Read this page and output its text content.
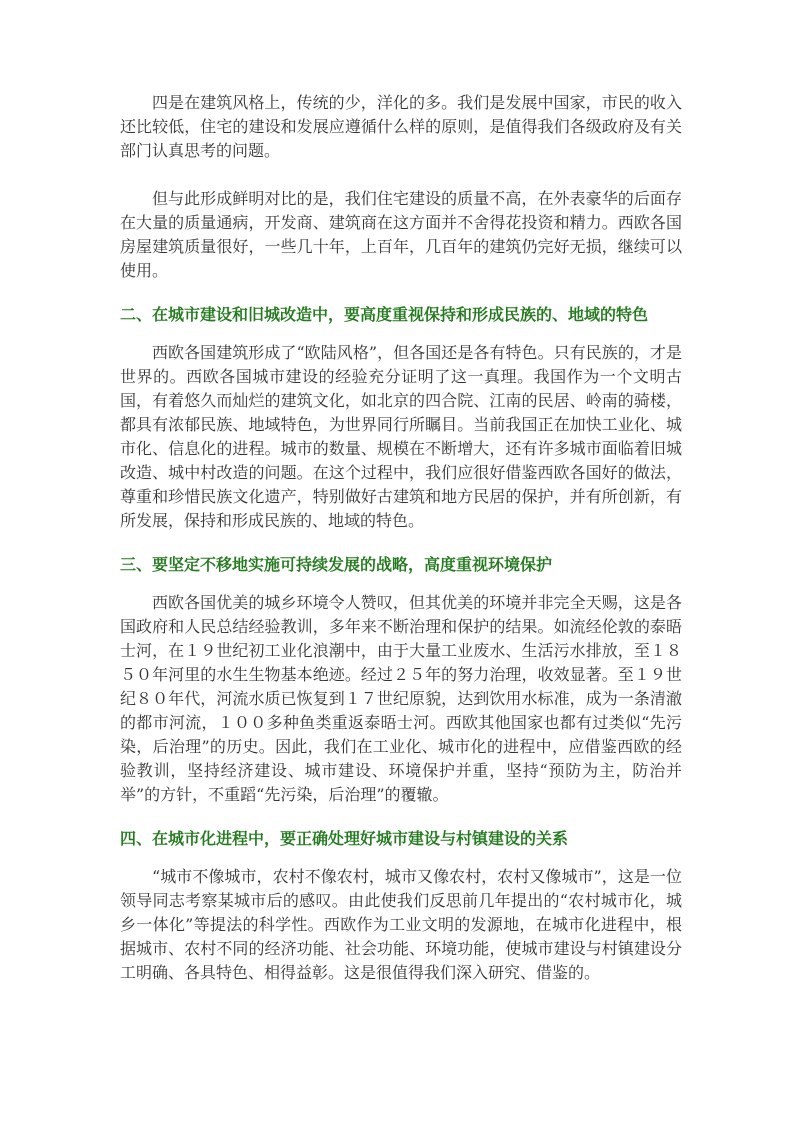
四是在建筑风格上，传统的少，洋化的多。我们是发展中国家，市民的收入还比较低，住宅的建设和发展应遵循什么样的原则，是值得我们各级政府及有关部门认真思考的问题。

但与此形成鲜明对比的是，我们住宅建设的质量不高，在外表豪华的后面存在大量的质量通病，开发商、建筑商在这方面并不舍得花投资和精力。西欧各国房屋建筑质量很好，一些几十年，上百年，几百年的建筑仍完好无损，继续可以使用。

二、在城市建设和旧城改造中，要高度重视保持和形成民族的、地域的特色

西欧各国建筑形成了“欧陆风格”，但各国还是各有特色。只有民族的，才是世界的。西欧各国城市建设的经验充分证明了这一真理。我国作为一个文明古国，有着悠久而灿烂的建筑文化，如北京的四合院、江南的民居、岭南的骑楼，都具有浓郁民族、地域特色，为世界同行所瞩目。当前我国正在加快工业化、城市化、信息化的进程。城市的数量、规模在不断增大，还有许多城市面临着旧城改造、城中村改造的问题。在这个过程中，我们应很好借鉴西欧各国好的做法，尊重和珍惜民族文化遗产，特别做好古建筑和地方民居的保护，并有所创新，有所发展，保持和形成民族的、地域的特色。

三、要坚定不移地实施可持续发展的战略，高度重视环境保护

西欧各国优美的城乡环境令人赞叹，但其优美的环境并非完全天赐，这是各国政府和人民总结经验教训，多年来不断治理和保护的结果。如流经伦敦的泰晤士河，在１９世纪初工业化浪潮中，由于大量工业废水、生活污水排放，至１８５０年河里的水生生物基本绝迹。经过２５年的努力治理，收效显著。至１９世纪８０年代，河流水质已恢复到１７世纪原貌，达到饮用水标准，成为一条清澈的都市河流，１００多种鱼类重返泰晤士河。西欧其他国家也都有过类似“先污染，后治理”的历史。因此，我们在工业化、城市化的进程中，应借鉴西欧的经验教训，坚持经济建设、城市建设、环境保护并重，坚持“预防为主，防治并举”的方针，不重蹈“先污染，后治理”的覆辙。

四、在城市化进程中，要正确处理好城市建设与村镇建设的关系

“城市不像城市，农村不像农村，城市又像农村，农村又像城市”，这是一位领导同志考察某城市后的感叹。由此使我们反思前几年提出的“农村城市化，城乡一体化”等提法的科学性。西欧作为工业文明的发源地，在城市化进程中，根据城市、农村不同的经济功能、社会功能、环境功能，使城市建设与村镇建设分工明确、各具特色、相得益彰。这是很值得我们深入研究、借鉴的。
